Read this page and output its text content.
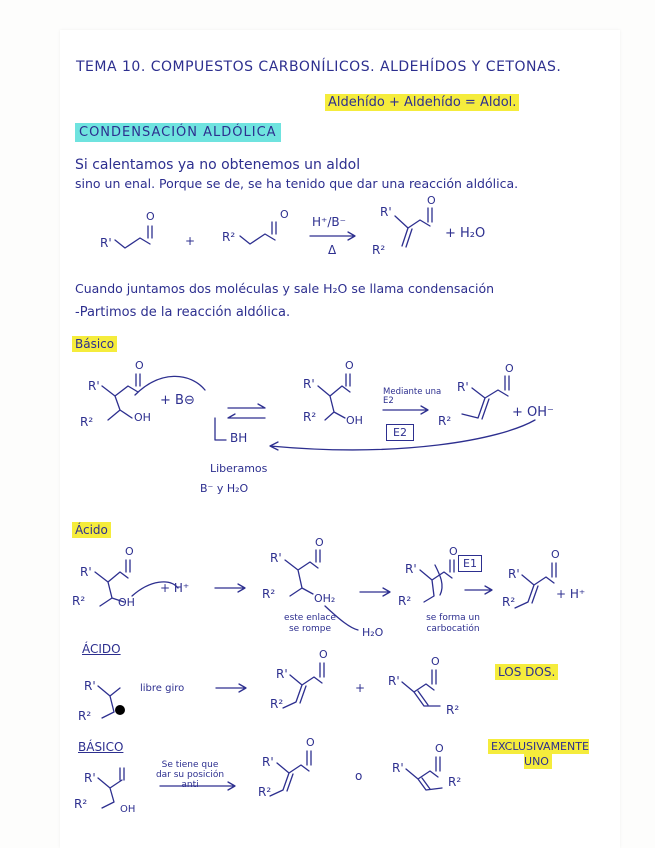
TEMA 10. COMPUESTOS CARBONÍLICOS. ALDEHÍDOS Y CETONAS.
Aldehído + Aldehído = Aldol.
CONDENSACIÓN ALDÓLICA
Si calentamos ya no obtenemos un aldol
sino un enal. Porque se de, se ha tenido que dar una reacción aldólica.
Cuando juntamos dos moléculas y sale H₂O se llama condensación
-Partimos de la reacción aldólica.
Básico
Ácido
ÁCIDO
BÁSICO
LOS DOS.
EXCLUSIVAMENTE UNO
Liberamos
B⁻ y H₂O
BH
Mediante una E2
E2
E1
este enlace se rompe	H₂O
se forma un carbocatión
libre giro
Se tiene que dar su posición anti
R'
O
+ R²
O
H⁺/B⁻
Δ
R'
R²
O
+ H₂O
R'
R²
O
OH
+ B⊖
R'
R²
O
OH
R'
R²
O
+ OH⁻
R'
R²
O
OH
+ H⁺
R'
R²
O
OH₂
R'
R²
O
R'
R²
O
+ H⁺
R'
R²
R'
R²
O
+ R'
R²
O
R'
R²	OH
R'
R²
O
o
R'
R²
O
